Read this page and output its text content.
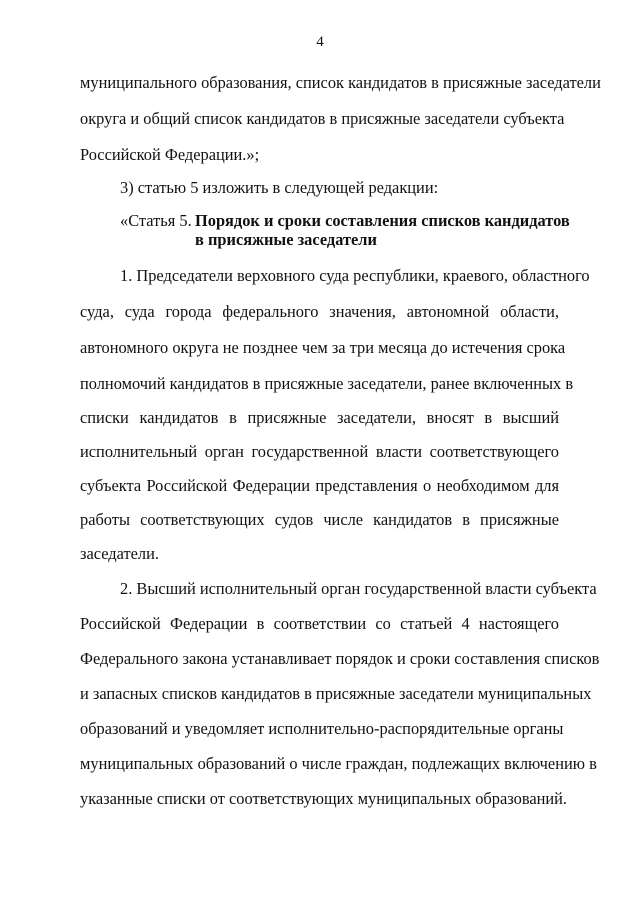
4
муниципального образования, список кандидатов в присяжные заседатели
округа и общий список кандидатов в присяжные заседатели субъекта
Российской Федерации.»;
3) статью 5 изложить в следующей редакции:
«Статья 5. Порядок и сроки составления списков кандидатов
в присяжные заседатели
1. Председатели верховного суда республики, краевого, областного
суда, суда города федерального значения, автономной области,
автономного округа не позднее чем за три месяца до истечения срока
полномочий кандидатов в присяжные заседатели, ранее включенных в
списки кандидатов в присяжные заседатели, вносят в высший
исполнительный орган государственной власти соответствующего
субъекта Российской Федерации представления о необходимом для
работы соответствующих судов числе кандидатов в присяжные
заседатели.
2. Высший исполнительный орган государственной власти субъекта
Российской Федерации в соответствии со статьей 4 настоящего
Федерального закона устанавливает порядок и сроки составления списков
и запасных списков кандидатов в присяжные заседатели муниципальных
образований и уведомляет исполнительно-распорядительные органы
муниципальных образований о числе граждан, подлежащих включению в
указанные списки от соответствующих муниципальных образований.
